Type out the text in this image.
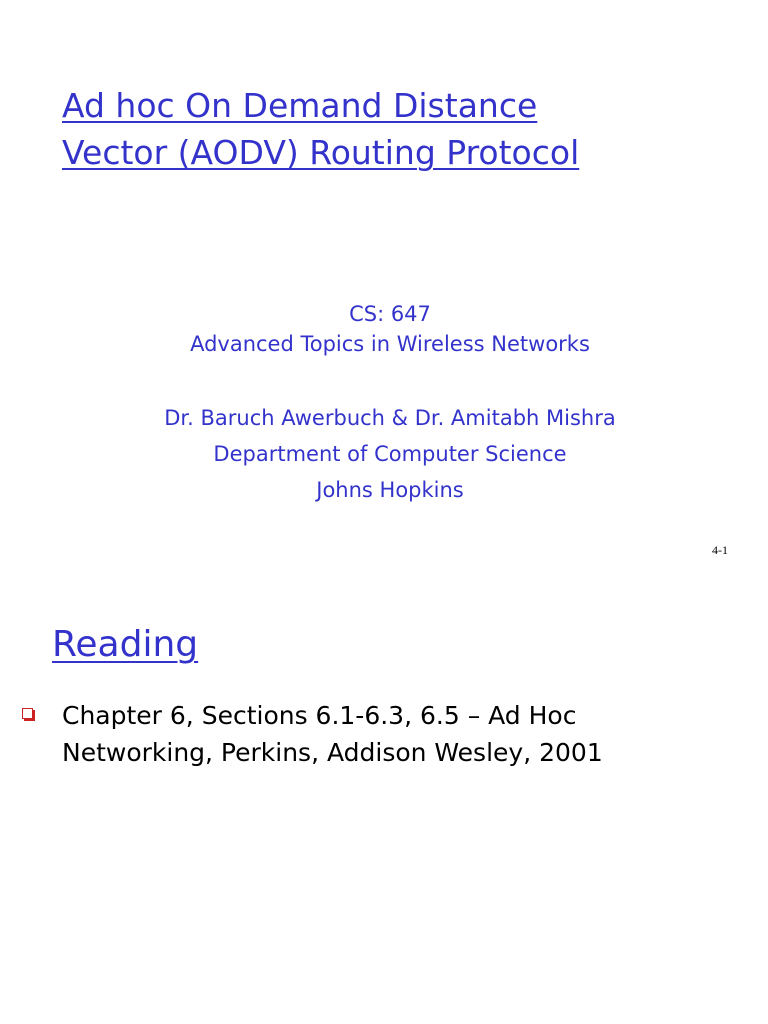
Ad hoc On Demand Distance
Vector (AODV) Routing Protocol
CS: 647
Advanced Topics in Wireless Networks
Dr. Baruch Awerbuch & Dr. Amitabh Mishra
Department of Computer Science
Johns Hopkins
4-1
Reading
Chapter 6, Sections 6.1-6.3, 6.5 – Ad Hoc
Networking, Perkins, Addison Wesley, 2001
